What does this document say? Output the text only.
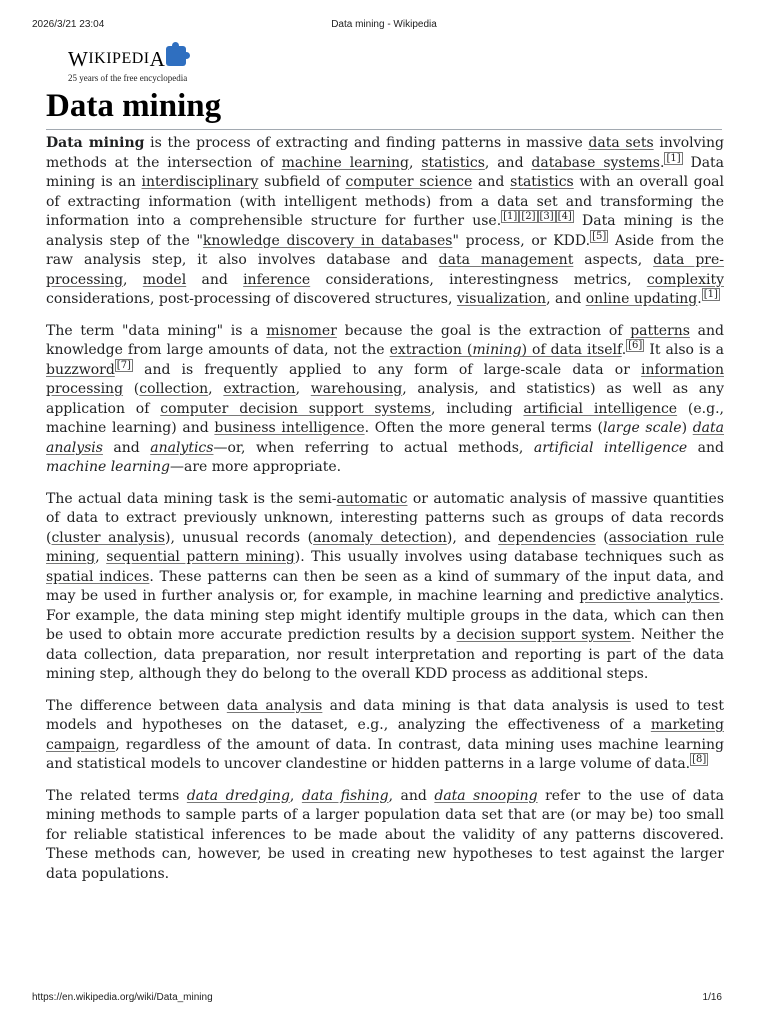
2026/3/21 23:04	Data mining - Wikipedia
W IKIPEDI A
25 years of the free encyclopedia
Data mining

Data mining is the process of extracting and finding patterns in massive data sets involving methods at the intersection of machine learning, statistics, and database systems. [1] Data mining is an interdisciplinary subfield of computer science and statistics with an overall goal of extracting information (with intelligent methods) from a data set and transforming the information into a comprehensible structure for further use. [1] [2] [3] [4] Data mining is the analysis step of the "knowledge discovery in databases" process, or KDD. [5] Aside from the raw analysis step, it also involves database and data management aspects, data pre-processing, model and inference considerations, interestingness metrics, complexity considerations, post-processing of discovered structures, visualization, and online updating. [1]

The term "data mining" is a misnomer because the goal is the extraction of patterns and knowledge from large amounts of data, not the extraction (mining) of data itself. [6] It also is a buzzword [7] and is frequently applied to any form of large-scale data or information processing (collection, extraction, warehousing, analysis, and statistics) as well as any application of computer decision support systems, including artificial intelligence (e.g., machine learning) and business intelligence. Often the more general terms (large scale) data analysis and analytics—or, when referring to actual methods, artificial intelligence and machine learning—are more appropriate.

The actual data mining task is the semi-automatic or automatic analysis of massive quantities of data to extract previously unknown, interesting patterns such as groups of data records (cluster analysis), unusual records (anomaly detection), and dependencies (association rule mining, sequential pattern mining). This usually involves using database techniques such as spatial indices. These patterns can then be seen as a kind of summary of the input data, and may be used in further analysis or, for example, in machine learning and predictive analytics. For example, the data mining step might identify multiple groups in the data, which can then be used to obtain more accurate prediction results by a decision support system. Neither the data collection, data preparation, nor result interpretation and reporting is part of the data mining step, although they do belong to the overall KDD process as additional steps.

The difference between data analysis and data mining is that data analysis is used to test models and hypotheses on the dataset, e.g., analyzing the effectiveness of a marketing campaign, regardless of the amount of data. In contrast, data mining uses machine learning and statistical models to uncover clandestine or hidden patterns in a large volume of data. [8]

The related terms data dredging, data fishing, and data snooping refer to the use of data mining methods to sample parts of a larger population data set that are (or may be) too small for reliable statistical inferences to be made about the validity of any patterns discovered. These methods can, however, be used in creating new hypotheses to test against the larger data populations.

https://en.wikipedia.org/wiki/Data_mining	1/16
